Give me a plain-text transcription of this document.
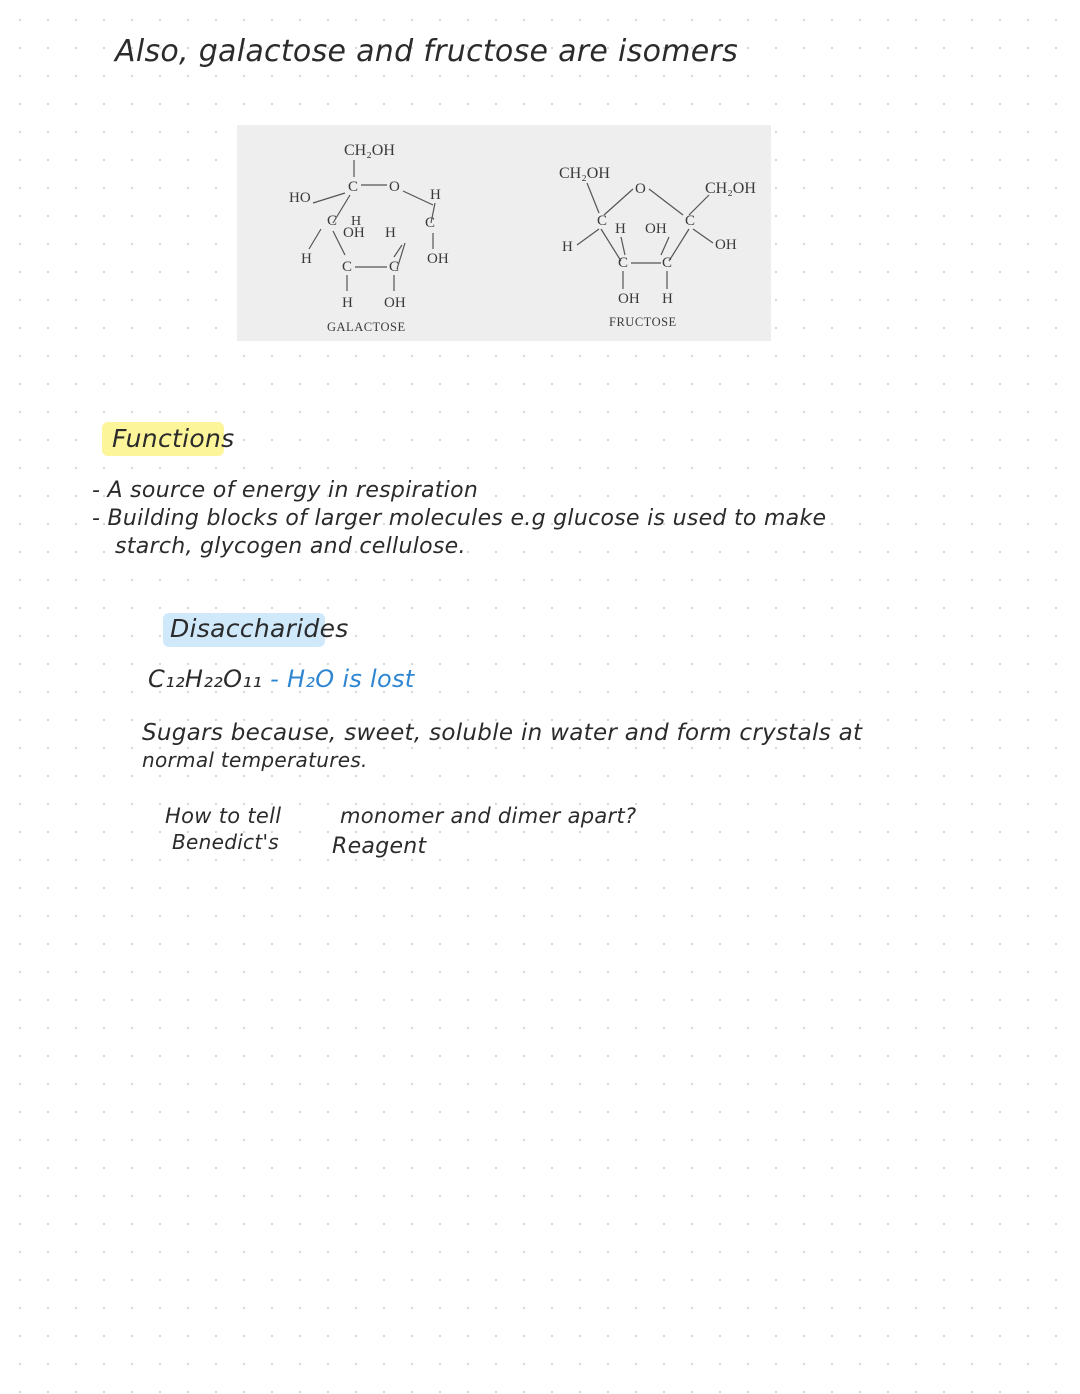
Also, galactose and fructose are isomers
CH₂OH
HO
C O H
H
C
OH H
C
H C C OH
H OH
GALACTOSE
CH₂OH
O	CH₂OH
C H OH C
H	OH
C C
OH H
FRUCTOSE
Functions
- A source of energy in respiration
- Building blocks of larger molecules e.g glucose is used to make
starch, glycogen and cellulose.
Disaccharides
C₁₂H₂₂O₁₁ - H₂O is lost
Sugars because, sweet, soluble in water and form crystals at
normal temperatures.
How to tell	monomer and dimer apart?
Benedict's Reagent
